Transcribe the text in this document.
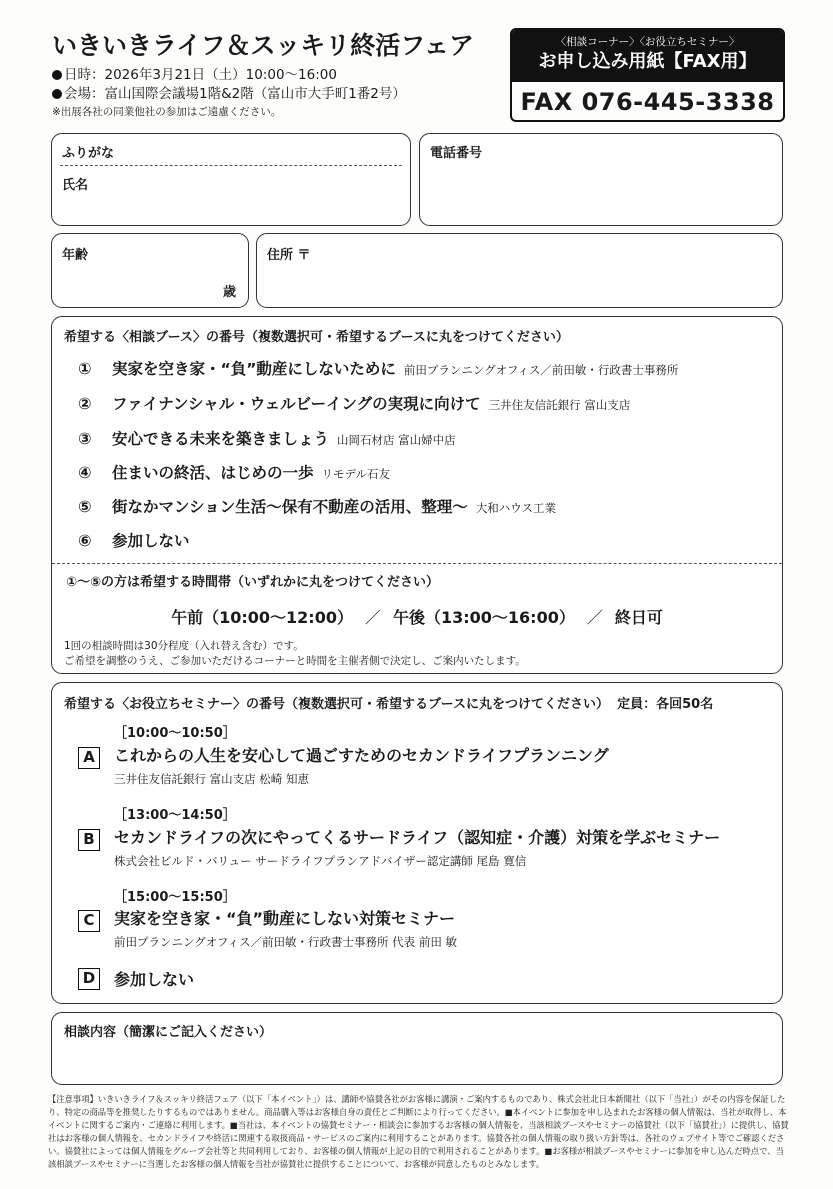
いきいきライフ＆スッキリ終活フェア
日時：2026年3月21日（土）10:00〜16:00
会場：富山国際会議場1階&2階（富山市大手町1番2号）
※出展各社の同業他社の参加はご遠慮ください。
〈相談コーナー〉〈お役立ちセミナー〉
お申し込み用紙【FAX用】
FAX 076-445-3338
ふりがな
氏名
電話番号
年齢
歳
住所 〒
希望する〈相談ブース〉の番号（複数選択可・希望するブースに丸をつけてください）
①	実家を空き家・“負”動産にしないために 前田プランニングオフィス／前田敏・行政書士事務所
②	ファイナンシャル・ウェルビーイングの実現に向けて 三井住友信託銀行 富山支店
③	安心できる未来を築きましょう 山岡石材店 富山婦中店
④	住まいの終活、はじめの一歩 リモデル石友
⑤	街なかマンション生活〜保有不動産の活用、整理〜 大和ハウス工業
⑥	参加しない
①〜⑤の方は希望する時間帯（いずれかに丸をつけてください）
午前（10:00〜12:00） ／ 午後（13:00〜16:00） ／ 終日可
1回の相談時間は30分程度（入れ替え含む）です。
ご希望を調整のうえ、ご参加いただけるコーナーと時間を主催者側で決定し、ご案内いたします。
希望する〈お役立ちセミナー〉の番号（複数選択可・希望するブースに丸をつけてください） 定員：各回50名
［10:00〜10:50］
A	これからの人生を安心して過ごすためのセカンドライフプランニング
三井住友信託銀行 富山支店 松崎 知恵
［13:00〜14:50］
B	セカンドライフの次にやってくるサードライフ（認知症・介護）対策を学ぶセミナー
株式会社ビルド・バリュー サードライフプランアドバイザー認定講師 尾島 寛信
［15:00〜15:50］
C	実家を空き家・“負”動産にしない対策セミナー
前田プランニングオフィス／前田敏・行政書士事務所 代表 前田 敏
D 参加しない
相談内容（簡潔にご記入ください）
【注意事項】いきいきライフ＆スッキリ終活フェア（以下「本イベント」）は、講師や協賛各社がお客様に講演・ご案内するものであり、株式会社北日本新聞社（以下「当社」）がその内容を保証したり、特定の商品等を推奨したりするものではありません。商品購入等はお客様自身の責任とご判断により行ってください。■本イベントに参加を申し込まれたお客様の個人情報は、当社が取得し、本イベントに関するご案内・ご連絡に利用します。■当社は、本イベントの協賛セミナー・相談会に参加するお客様の個人情報を、当該相談ブースやセミナーの協賛社（以下「協賛社」）に提供し、協賛社はお客様の個人情報を、セカンドライフや終活に関連する取扱商品・サービスのご案内に利用することがあります。協賛各社の個人情報の取り扱い方針等は、各社のウェブサイト等でご確認ください。協賛社によっては個人情報をグループ会社等と共同利用しており、お客様の個人情報が上記の目的で利用されることがあります。■お客様が相談ブースやセミナーに参加を申し込んだ時点で、当該相談ブースやセミナーに当選したお客様の個人情報を当社が協賛社に提供することについて、お客様が同意したものとみなします。
